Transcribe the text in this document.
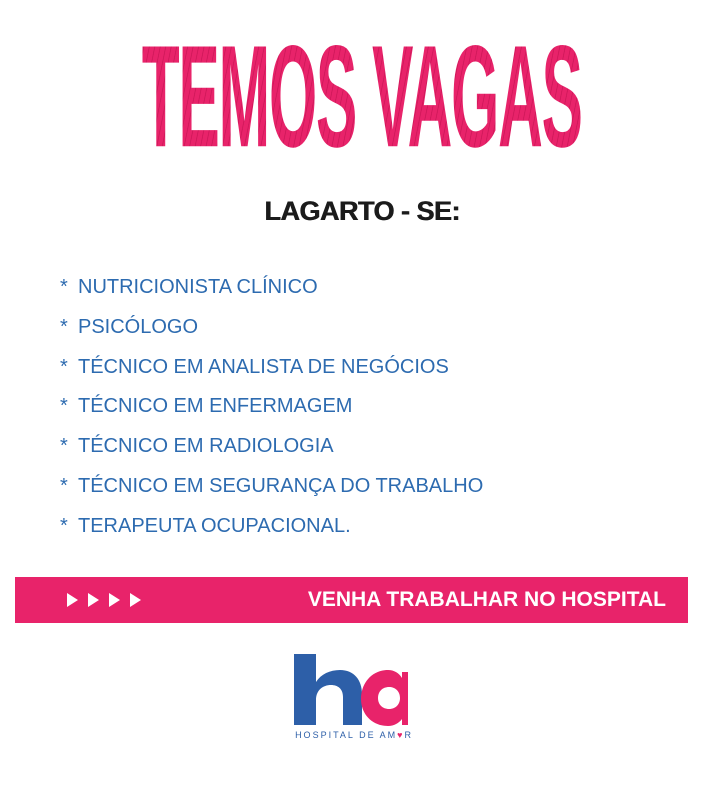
TEMOS VAGAS
LAGARTO - SE:
* NUTRICIONISTA CLÍNICO
* PSICÓLOGO
* TÉCNICO EM ANALISTA DE NEGÓCIOS
* TÉCNICO EM ENFERMAGEM
* TÉCNICO EM RADIOLOGIA
* TÉCNICO EM SEGURANÇA DO TRABALHO
* TERAPEUTA OCUPACIONAL.
VENHA TRABALHAR NO HOSPITAL
HOSPITAL DE AM♥R
